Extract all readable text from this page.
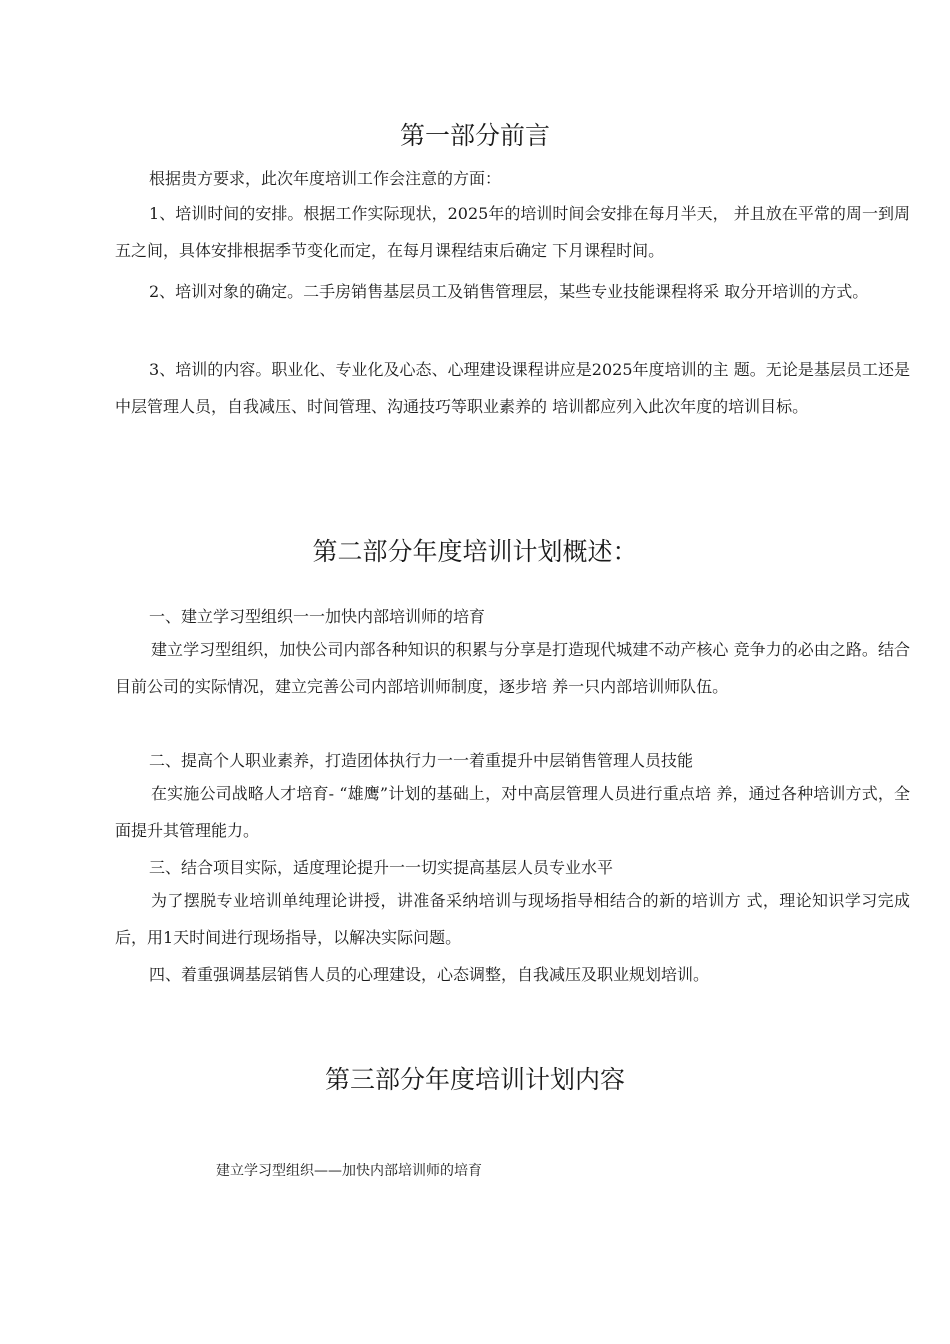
第一部分前言

根据贵方要求，此次年度培训工作会注意的方面：

1、培训时间的安排。根据工作实际现状，2025年的培训时间会安排在每月半天， 并且放在平常的周一到周五之间，具体安排根据季节变化而定，在每月课程结束后确定 下月课程时间。

2、培训对象的确定。二手房销售基层员工及销售管理层，某些专业技能课程将采 取分开培训的方式。

3、培训的内容。职业化、专业化及心态、心理建设课程讲应是2025年度培训的主 题。无论是基层员工还是中层管理人员，自我减压、时间管理、沟通技巧等职业素养的 培训都应列入此次年度的培训目标。

第二部分年度培训计划概述：

一、建立学习型组织一一加快内部培训师的培育

建立学习型组织，加快公司内部各种知识的积累与分享是打造现代城建不动产核心 竞争力的必由之路。结合目前公司的实际情况，建立完善公司内部培训师制度，逐步培 养一只内部培训师队伍。

二、提高个人职业素养，打造团体执行力一一着重提升中层销售管理人员技能

在实施公司战略人才培育- “雄鹰”计划的基础上，对中高层管理人员进行重点培 养，通过各种培训方式，全面提升其管理能力。

三、结合项目实际，适度理论提升一一切实提高基层人员专业水平

为了摆脱专业培训单纯理论讲授，讲准备采纳培训与现场指导相结合的新的培训方 式，理论知识学习完成后，用1天时间进行现场指导，以解决实际问题。

四、着重强调基层销售人员的心理建设，心态调整，自我减压及职业规划培训。

第三部分年度培训计划内容

建立学习型组织——加快内部培训师的培育
